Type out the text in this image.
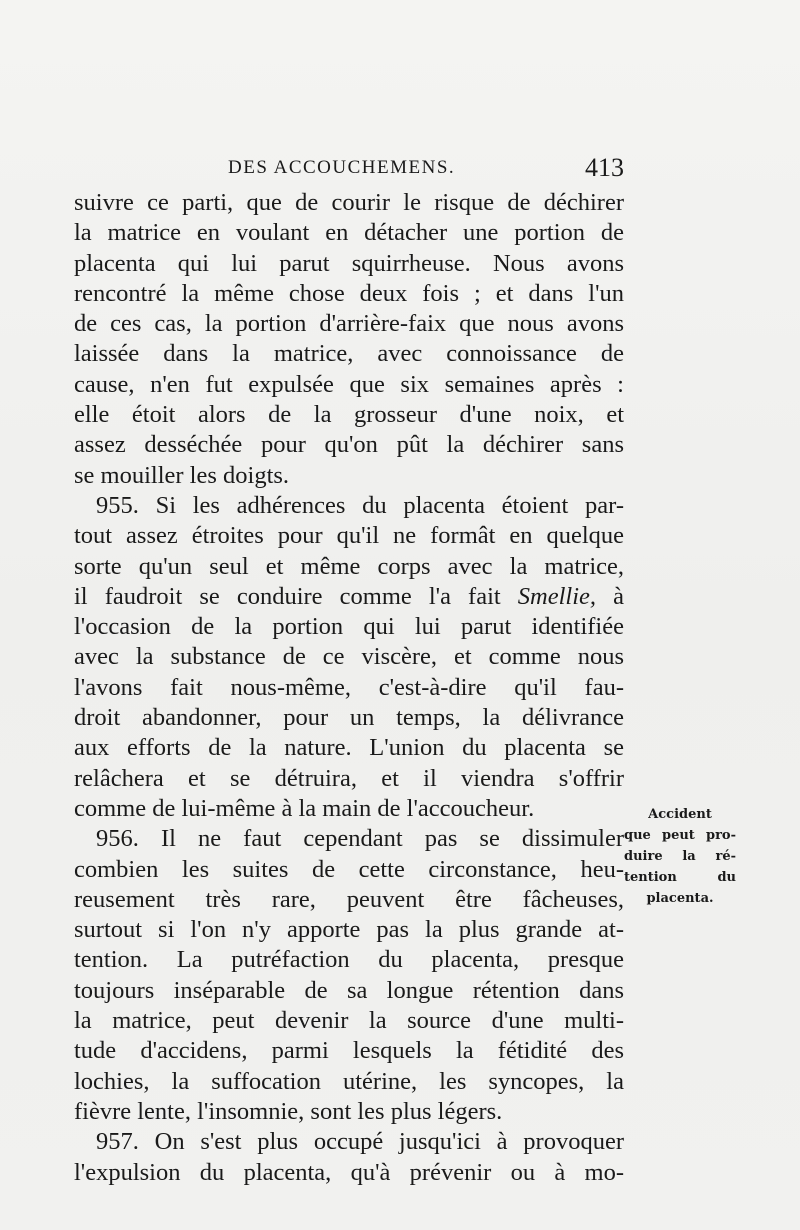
DES ACCOUCHEMENS.	413
suivre ce parti, que de courir le risque de déchirer
la matrice en voulant en détacher une portion de
placenta qui lui parut squirrheuse. Nous avons
rencontré la même chose deux fois ; et dans l'un
de ces cas, la portion d'arrière-faix que nous avons
laissée dans la matrice, avec connoissance de
cause, n'en fut expulsée que six semaines après :
elle étoit alors de la grosseur d'une noix, et
assez desséchée pour qu'on pût la déchirer sans
se mouiller les doigts.
955. Si les adhérences du placenta étoient par-
tout assez étroites pour qu'il ne formât en quelque
sorte qu'un seul et même corps avec la matrice,
il faudroit se conduire comme l'a fait Smellie, à
l'occasion de la portion qui lui parut identifiée
avec la substance de ce viscère, et comme nous
l'avons fait nous-même, c'est-à-dire qu'il fau-
droit abandonner, pour un temps, la délivrance
aux efforts de la nature. L'union du placenta se
relâchera et se détruira, et il viendra s'offrir
comme de lui-même à la main de l'accoucheur.
956. Il ne faut cependant pas se dissimuler
combien les suites de cette circonstance, heu-
reusement très rare, peuvent être fâcheuses,
surtout si l'on n'y apporte pas la plus grande at-
tention. La putréfaction du placenta, presque
toujours inséparable de sa longue rétention dans
la matrice, peut devenir la source d'une multi-
tude d'accidens, parmi lesquels la fétidité des
lochies, la suffocation utérine, les syncopes, la
fièvre lente, l'insomnie, sont les plus légers.
957. On s'est plus occupé jusqu'ici à provoquer
l'expulsion du placenta, qu'à prévenir ou à mo-
Accident
que peut pro-
duire la ré-
tention du
placenta.
